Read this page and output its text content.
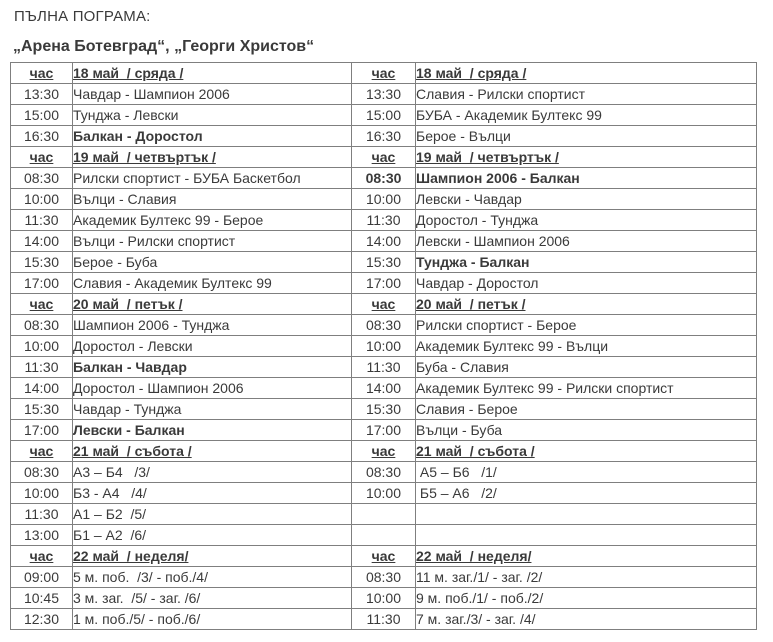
ПЪЛНА ПОГРАМА:
„Арена Ботевград“, „Георги Христов“
час	18 май  / сряда /	час	18 май  / сряда /
13:30	Чавдар - Шампион 2006	13:30	Славия - Рилски спортист
15:00	Тунджа - Левски	15:00	БУБА - Академик Бултекс 99
16:30	Балкан - Доростол	16:30	Берое - Вълци
час	19 май  / четвъртък /	час	19 май  / четвъртък /
08:30	Рилски спортист - БУБА Баскетбол	08:30	Шампион 2006 - Балкан
10:00	Вълци - Славия	10:00	Левски - Чавдар
11:30	Академик Бултекс 99 - Берое	11:30	Доростол - Тунджа
14:00	Вълци - Рилски спортист	14:00	Левски - Шампион 2006
15:30	Берое - Буба	15:30	Тунджа - Балкан
17:00	Славия - Академик Бултекс 99	17:00	Чавдар - Доростол
час	20 май  / петък /	час	20 май  / петък /
08:30	Шампион 2006 - Тунджа	08:30	Рилски спортист - Берое
10:00	Доростол - Левски	10:00	Академик Бултекс 99 - Вълци
11:30	Балкан - Чавдар	11:30	Буба - Славия
14:00	Доростол - Шампион 2006	14:00	Академик Бултекс 99 - Рилски спортист
15:30	Чавдар - Тунджа	15:30	Славия - Берое
17:00	Левски - Балкан	17:00	Вълци - Буба
час	21 май  / събота /	час	21 май  / събота /
08:30	А3 – Б4   /3/	08:30	А5 – Б6   /1/
10:00	Б3 - А4   /4/	10:00	Б5 – А6   /2/
11:30	А1 – Б2  /5/		
13:00	Б1 – А2  /6/		
час	22 май  / неделя/	час	22 май  / неделя/
09:00	5 м. поб.  /3/ - поб./4/	08:30	11 м. заг./1/ - заг. /2/
10:45	3 м. заг.  /5/ - заг. /6/	10:00	9 м. поб./1/ - поб./2/
12:30	1 м. поб./5/ - поб./6/	11:30	7 м. заг./3/ - заг. /4/
